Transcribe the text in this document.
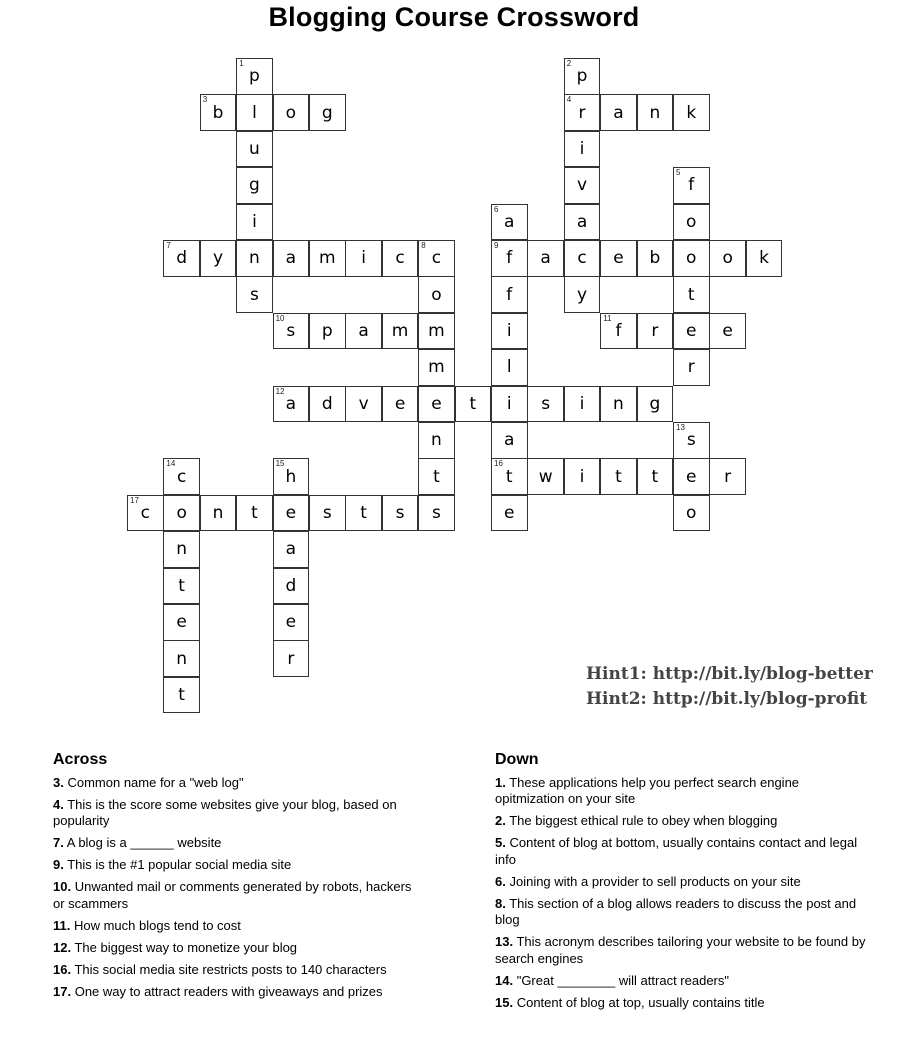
Blogging Course Crossword
1
p
l
u
g
i
n
s
2
p
4
r
i
v
a
c
y
3
b	o	g	a	n	k
5
f
o
o
t
e
r
6
a
9
f
f
i
l
i
a
16
t
e
7
d	y	a	m	i	c
8
c
o
m
m
e
n
t
s
a	e	b	o	k
10
s	p	a	m
11
f	r	e
12
a	d	v	e	t	s	i	n	g
13
s
e
o
14
c
o
n
t
e
n
t
15
h
e
a
d
e
r
w	i	t	t	r
17
c	n	t	s	t	s
Hint1: http://bit.ly/blog-better
Hint2: http://bit.ly/blog-profit
Across
3. Common name for a "web log"
4. This is the score some websites give your blog, based on popularity
7. A blog is a ______ website
9. This is the #1 popular social media site
10. Unwanted mail or comments generated by robots, hackers or scammers
11. How much blogs tend to cost
12. The biggest way to monetize your blog
16. This social media site restricts posts to 140 characters
17. One way to attract readers with giveaways and prizes
Down
1. These applications help you perfect search engine opitmization on your site
2. The biggest ethical rule to obey when blogging
5. Content of blog at bottom, usually contains contact and legal info
6. Joining with a provider to sell products on your site
8. This section of a blog allows readers to discuss the post and blog
13. This acronym describes tailoring your website to be found by search engines
14. "Great ________ will attract readers"
15. Content of blog at top, usually contains title
